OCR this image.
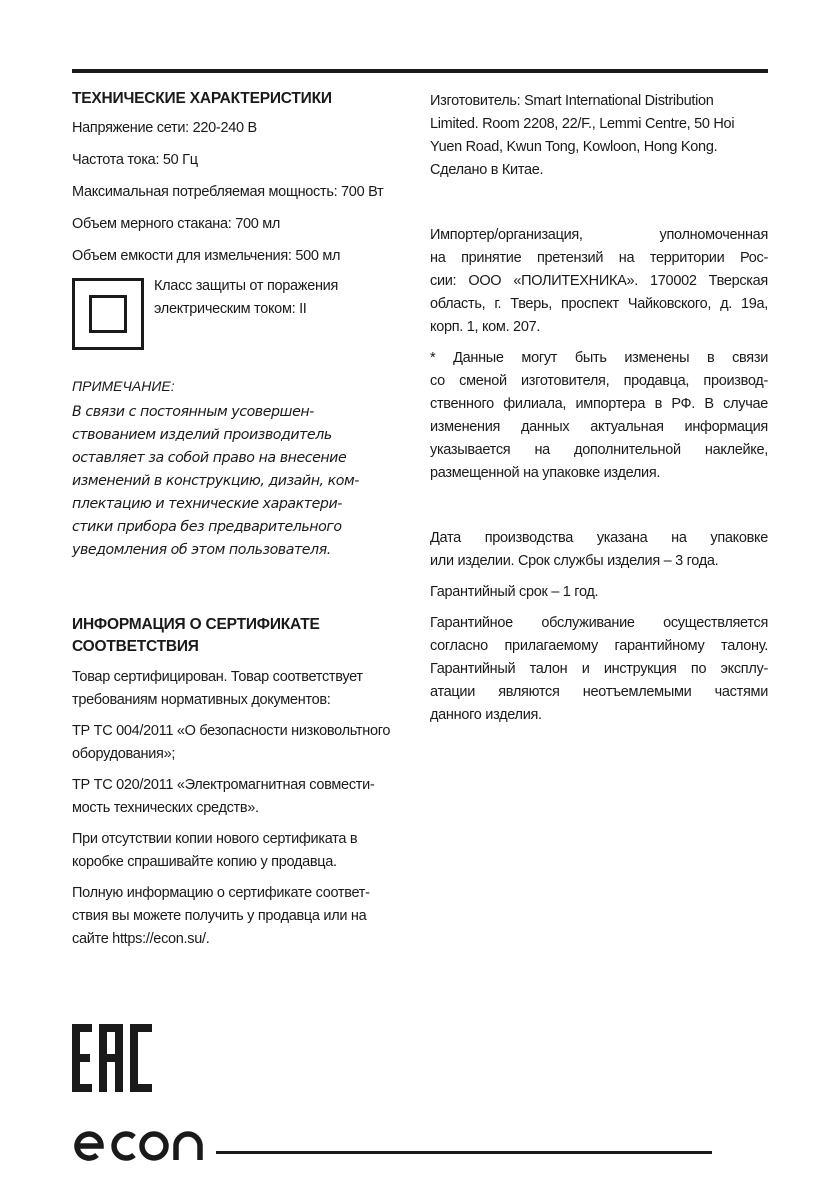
ТЕХНИЧЕСКИЕ ХАРАКТЕРИСТИКИ

Напряжение сети: 220-240 В

Частота тока: 50 Гц

Максимальная потребляемая мощность: 700 Вт

Объем мерного стакана: 700 мл

Объем емкости для измельчения: 500 мл

Класс защиты от поражения
электрическим током: II
ПРИМЕЧАНИЕ:
В связи с постоянным усовершен-
ствованием изделий производитель
оставляет за собой право на внесение
изменений в конструкцию, дизайн, ком-
плектацию и технические характери-
стики прибора без предварительного
уведомления об этом пользователя.
ИНФОРМАЦИЯ О СЕРТИФИКАТЕ
СООТВЕТСТВИЯ
Товар сертифицирован. Товар соответствует
требованиям нормативных документов:
ТР ТС 004/2011 «О безопасности низковольтного
оборудования»;
ТР ТС 020/2011 «Электромагнитная совмести-
мость технических средств».
При отсутствии копии нового сертификата в
коробке спрашивайте копию у продавца.
Полную информацию о сертификате соответ-
ствия вы можете получить у продавца или на
сайте https://econ.su/.
Изготовитель: Smart International Distribution
Limited. Room 2208, 22/F., Lemmi Centre, 50 Hoi
Yuen Road, Kwun Tong, Kowloon, Hong Kong.
Сделано в Китае.
Импортер/организация, уполномоченная
на принятие претензий на территории Рос-
сии: ООО «ПОЛИТЕХНИКА». 170002 Тверская
область, г. Тверь, проспект Чайковского, д. 19а,
корп. 1, ком. 207.
* Данные могут быть изменены в связи
со сменой изготовителя, продавца, производ-
ственного филиала, импортера в РФ. В случае
изменения данных актуальная информация
указывается на дополнительной наклейке,
размещенной на упаковке изделия.
Дата производства указана на упаковке
или изделии. Срок службы изделия – 3 года.
Гарантийный срок – 1 год.
Гарантийное обслуживание осуществляется
согласно прилагаемому гарантийному талону.
Гарантийный талон и инструкция по эксплу-
атации являются неотъемлемыми частями
данного изделия.
